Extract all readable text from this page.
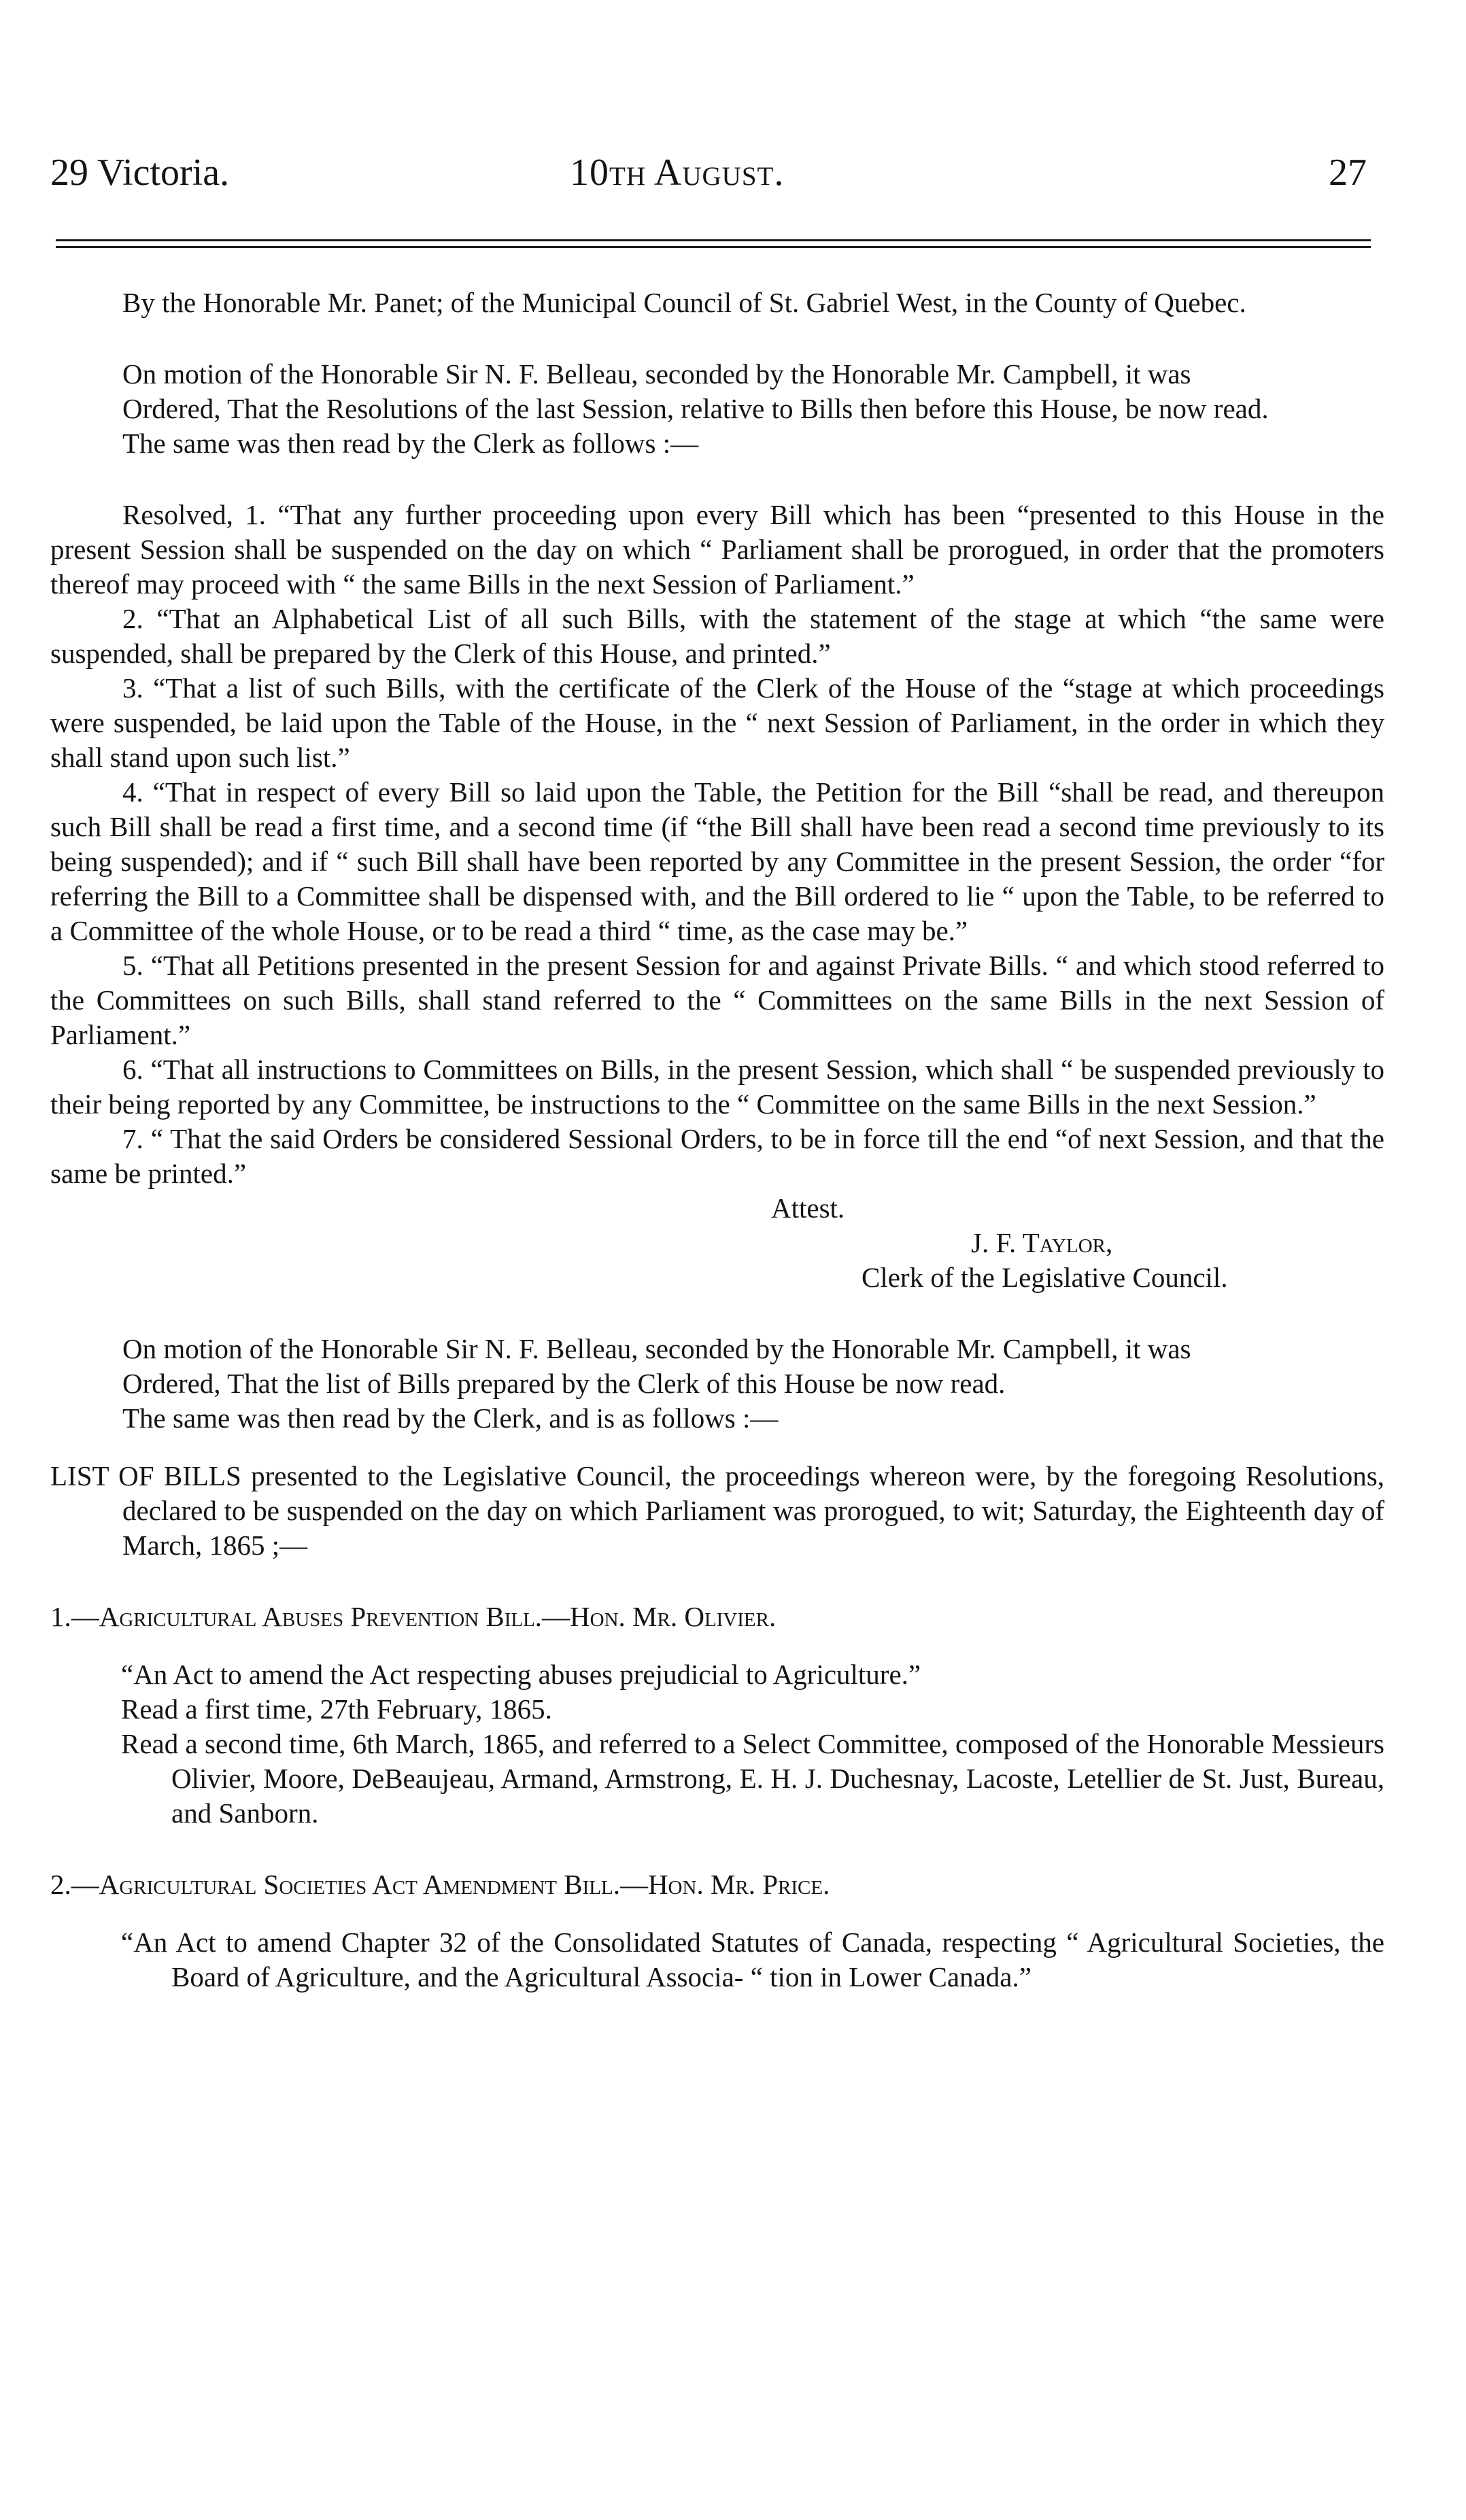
29 Victoria.	10th August.	27

By the Honorable Mr. Panet; of the Municipal Council of St. Gabriel West, in the County of Quebec.

On motion of the Honorable Sir N. F. Belleau, seconded by the Honorable Mr. Campbell, it was

Ordered, That the Resolutions of the last Session, relative to Bills then before this House, be now read.

The same was then read by the Clerk as follows :—

Resolved, 1. “That any further proceeding upon every Bill which has been “presented to this House in the present Session shall be suspended on the day on which “ Parliament shall be prorogued, in order that the promoters thereof may proceed with “ the same Bills in the next Session of Parliament.”

2. “That an Alphabetical List of all such Bills, with the statement of the stage at which “the same were suspended, shall be prepared by the Clerk of this House, and printed.”

3. “That a list of such Bills, with the certificate of the Clerk of the House of the “stage at which proceedings were suspended, be laid upon the Table of the House, in the “ next Session of Parliament, in the order in which they shall stand upon such list.”

4. “That in respect of every Bill so laid upon the Table, the Petition for the Bill “shall be read, and thereupon such Bill shall be read a first time, and a second time (if “the Bill shall have been read a second time previously to its being suspended); and if “ such Bill shall have been reported by any Committee in the present Session, the order “for referring the Bill to a Committee shall be dispensed with, and the Bill ordered to lie “ upon the Table, to be referred to a Committee of the whole House, or to be read a third “ time, as the case may be.”

5. “That all Petitions presented in the present Session for and against Private Bills. “ and which stood referred to the Committees on such Bills, shall stand referred to the “ Committees on the same Bills in the next Session of Parliament.”

6. “That all instructions to Committees on Bills, in the present Session, which shall “ be suspended previously to their being reported by any Committee, be instructions to the “ Committee on the same Bills in the next Session.”

7. “ That the said Orders be considered Sessional Orders, to be in force till the end “of next Session, and that the same be printed.”

Attest.

J. F. Taylor,

Clerk of the Legislative Council.

On motion of the Honorable Sir N. F. Belleau, seconded by the Honorable Mr. Campbell, it was

Ordered, That the list of Bills prepared by the Clerk of this House be now read.

The same was then read by the Clerk, and is as follows :—

LIST OF BILLS presented to the Legislative Council, the proceedings whereon were, by the foregoing Resolutions, declared to be suspended on the day on which Parliament was prorogued, to wit; Saturday, the Eighteenth day of March, 1865 ;—

1.—Agricultural Abuses Prevention Bill.—Hon. Mr. Olivier.

“An Act to amend the Act respecting abuses prejudicial to Agriculture.”

Read a first time, 27th February, 1865.

Read a second time, 6th March, 1865, and referred to a Select Committee, composed of the Honorable Messieurs Olivier, Moore, DeBeaujeau, Armand, Armstrong, E. H. J. Duchesnay, Lacoste, Letellier de St. Just, Bureau, and Sanborn.

2.—Agricultural Societies Act Amendment Bill.—Hon. Mr. Price.

“An Act to amend Chapter 32 of the Consolidated Statutes of Canada, respecting “ Agricultural Societies, the Board of Agriculture, and the Agricultural Associa- “ tion in Lower Canada.”
